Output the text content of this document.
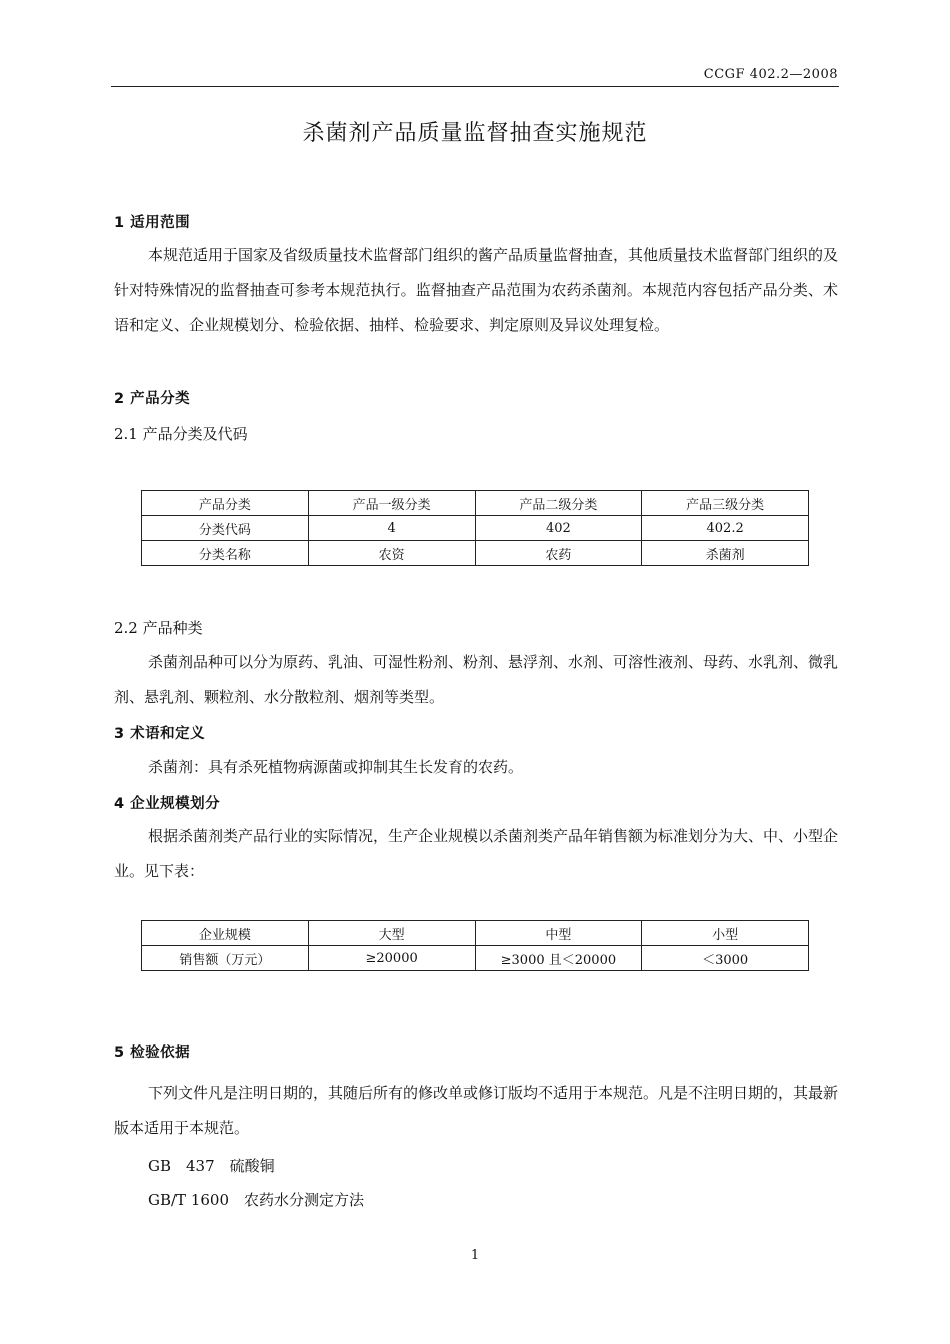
CCGF 402.2—2008
杀菌剂产品质量监督抽查实施规范
1 适用范围
本规范适用于国家及省级质量技术监督部门组织的酱产品质量监督抽查，其他质量技术监督部门组织的及针对特殊情况的监督抽查可参考本规范执行。监督抽查产品范围为农药杀菌剂。本规范内容包括产品分类、术语和定义、企业规模划分、检验依据、抽样、检验要求、判定原则及异议处理复检。
2 产品分类
2.1 产品分类及代码
产品分类	产品一级分类	产品二级分类	产品三级分类
分类代码	4	402	402.2
分类名称	农资	农药	杀菌剂
2.2 产品种类
杀菌剂品种可以分为原药、乳油、可湿性粉剂、粉剂、悬浮剂、水剂、可溶性液剂、母药、水乳剂、微乳剂、悬乳剂、颗粒剂、水分散粒剂、烟剂等类型。
3 术语和定义
杀菌剂：具有杀死植物病源菌或抑制其生长发育的农药。
4 企业规模划分
根据杀菌剂类产品行业的实际情况，生产企业规模以杀菌剂类产品年销售额为标准划分为大、中、小型企业。见下表：
企业规模	大型	中型	小型
销售额（万元）	≥20000	≥3000 且＜20000	＜3000
5 检验依据
下列文件凡是注明日期的，其随后所有的修改单或修订版均不适用于本规范。凡是不注明日期的，其最新版本适用于本规范。
GB　437　硫酸铜
GB/T 1600　农药水分测定方法
1
